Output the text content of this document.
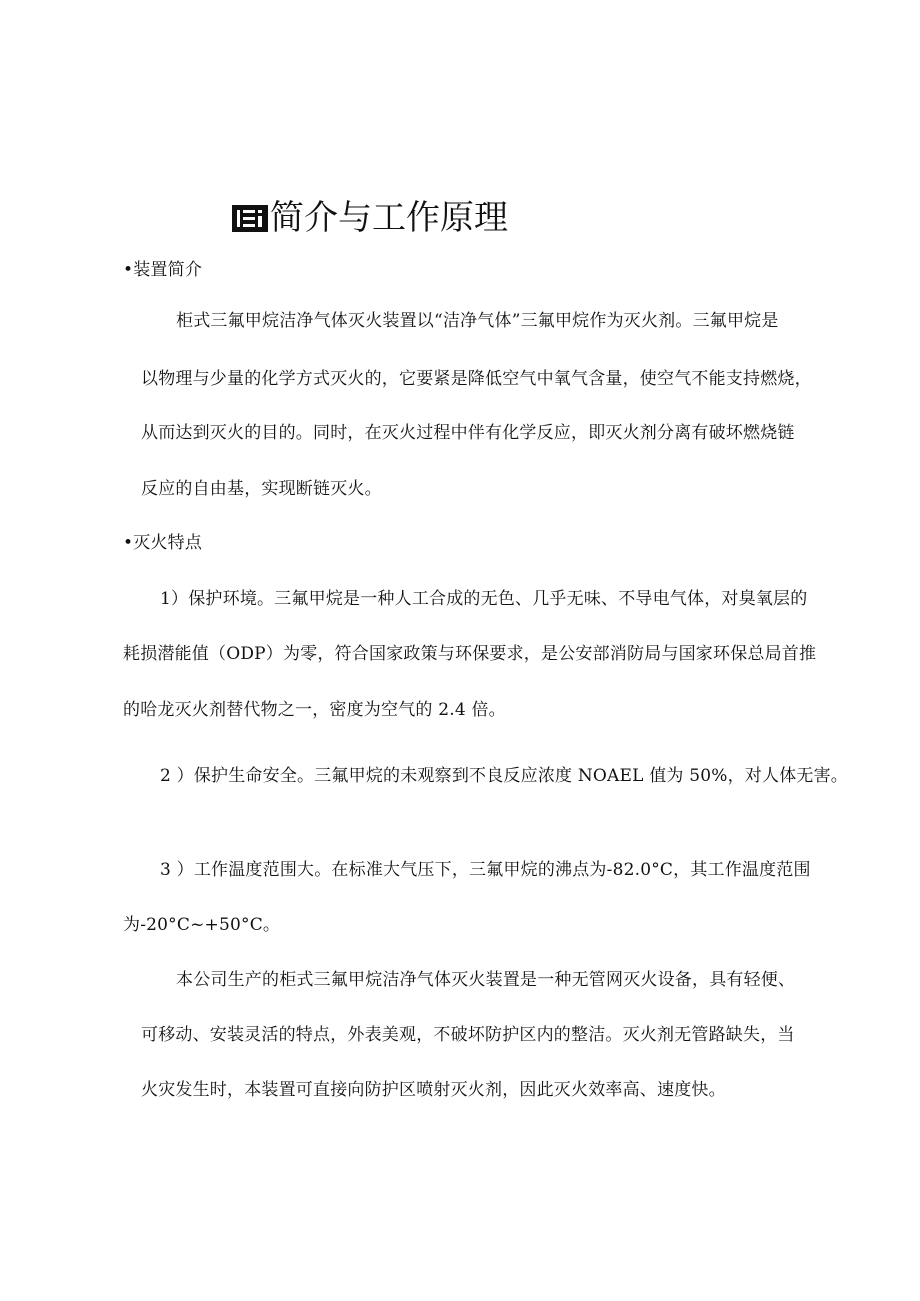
简介与工作原理
•装置简介
柜式三氟甲烷洁净气体灭火装置以“洁净气体”三氟甲烷作为灭火剂。三氟甲烷是
以物理与少量的化学方式灭火的，它要紧是降低空气中氧气含量，使空气不能支持燃烧，
从而达到灭火的目的。同时，在灭火过程中伴有化学反应，即灭火剂分离有破坏燃烧链
反应的自由基，实现断链灭火。
•灭火特点
1）保护环境。三氟甲烷是一种人工合成的无色、几乎无味、不导电气体，对臭氧层的
耗损潜能值（ODP）为零，符合国家政策与环保要求，是公安部消防局与国家环保总局首推
的哈龙灭火剂替代物之一，密度为空气的 2.4 倍。
2 ）保护生命安全。三氟甲烷的未观察到不良反应浓度 NOAEL 值为 50%，对人体无害。
3 ）工作温度范围大。在标准大气压下，三氟甲烷的沸点为-82.0°C，其工作温度范围
为-20°C~+50°C。
本公司生产的柜式三氟甲烷洁净气体灭火装置是一种无管网灭火设备，具有轻便、
可移动、安装灵活的特点，外表美观，不破坏防护区内的整洁。灭火剂无管路缺失，当
火灾发生时，本装置可直接向防护区喷射灭火剂，因此灭火效率高、速度快。
